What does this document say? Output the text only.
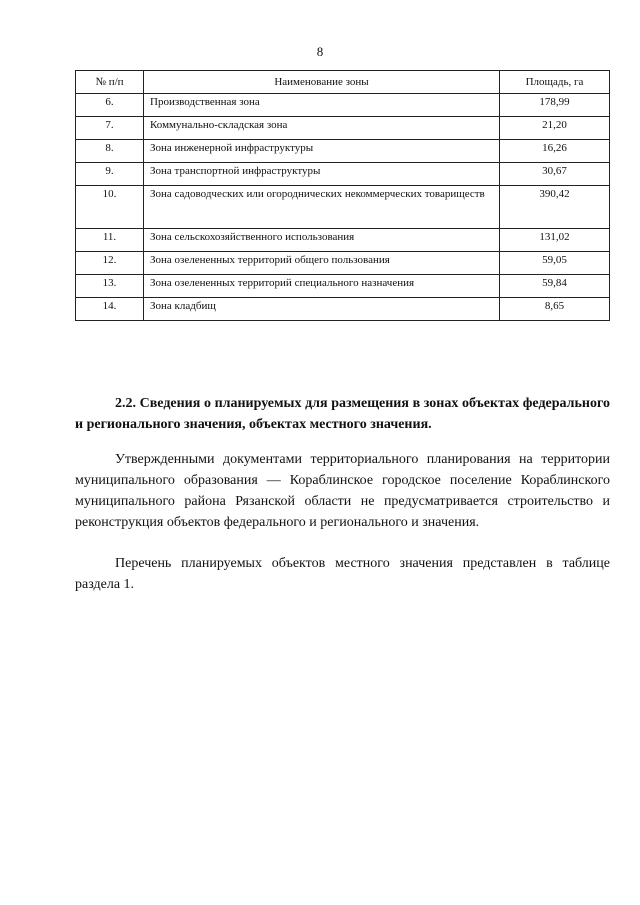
8
№ п/п	Наименование зоны	Площадь, га
6.	Производственная зона	178,99
7.	Коммунально-складская зона	21,20
8.	Зона инженерной инфраструктуры	16,26
9.	Зона транспортной инфраструктуры	30,67
10.	Зона садоводческих или огороднических некоммерческих товариществ	390,42
11.	Зона сельскохозяйственного использования	131,02
12.	Зона озелененных территорий общего пользования	59,05
13.	Зона озелененных территорий специального назначения	59,84
14.	Зона кладбищ	8,65
2.2. Сведения о планируемых для размещения в зонах объектах федерального и регионального значения, объектах местного значения.
Утвержденными документами территориального планирования на территории муниципального образования — Кораблинское городское поселение Кораблинского муниципального района Рязанской области не предусматривается строительство и реконструкция объектов федерального и регионального и значения.
Перечень планируемых объектов местного значения представлен в таблице раздела 1.
